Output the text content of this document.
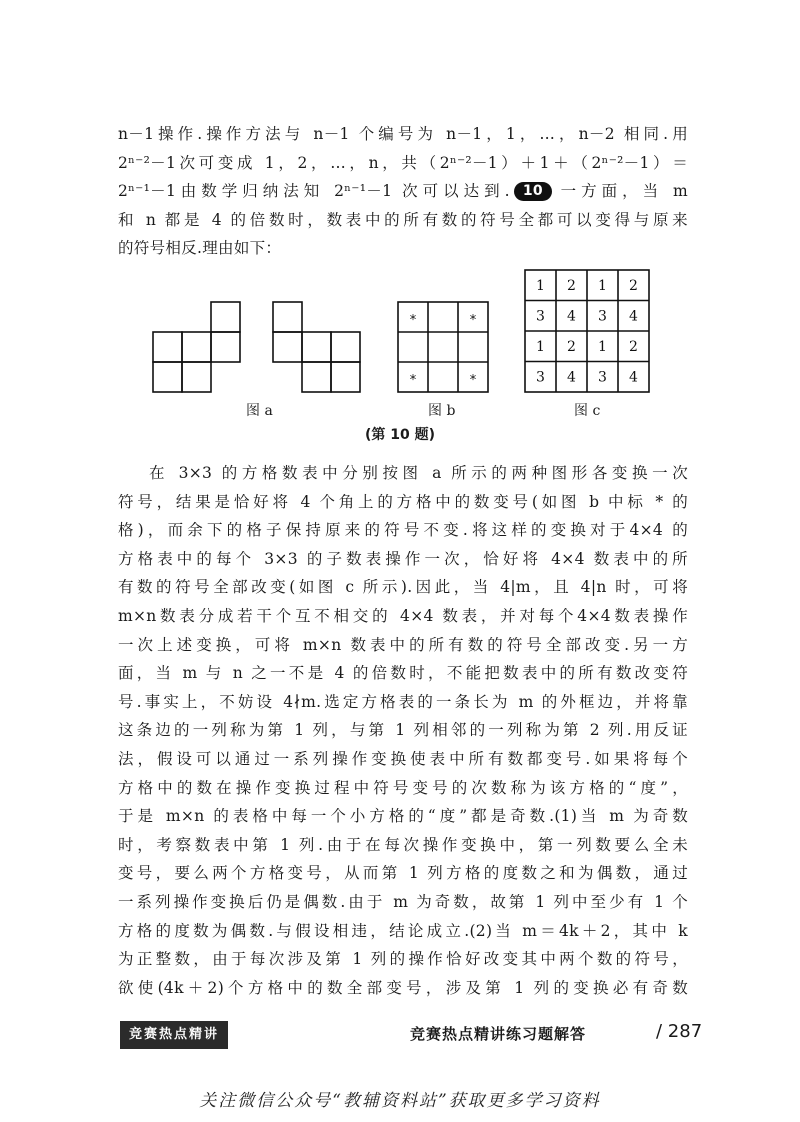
n－1操作.操作方法与 n－1 个编号为 n－1，1，…，n－2 相同.用
2ⁿ⁻²－1次可变成 1，2，…，n，共（2ⁿ⁻²－1）＋1＋（2ⁿ⁻²－1）＝
2ⁿ⁻¹－1由数学归纳法知 2ⁿ⁻¹－1 次可以达到. 10 一方面，当 m
和 n 都是 4 的倍数时，数表中的所有数的符号全都可以变得与原来
的符号相反.理由如下：
图 a
*	*
*	*
图 b
1 2 1 2
3 4 3 4
1 2 1 2
3 4 3 4
图 c
(第 10 题)
在 3×3 的方格数表中分别按图 a 所示的两种图形各变换一次
符号，结果是恰好将 4 个角上的方格中的数变号(如图 b 中标 * 的
格)，而余下的格子保持原来的符号不变.将这样的变换对于4×4 的
方格表中的每个 3×3 的子数表操作一次，恰好将 4×4 数表中的所
有数的符号全部改变(如图 c 所示).因此，当 4|m，且 4|n 时，可将
m×n数表分成若干个互不相交的 4×4 数表，并对每个4×4数表操作
一次上述变换，可将 m×n 数表中的所有数的符号全部改变.另一方
面，当 m 与 n 之一不是 4 的倍数时，不能把数表中的所有数改变符
号.事实上，不妨设 4∤m.选定方格表的一条长为 m 的外框边，并将靠
这条边的一列称为第 1 列，与第 1 列相邻的一列称为第 2 列.用反证
法，假设可以通过一系列操作变换使表中所有数都变号.如果将每个
方格中的数在操作变换过程中符号变号的次数称为该方格的“度”，
于是 m×n 的表格中每一个小方格的“度”都是奇数.(1)当 m 为奇数
时，考察数表中第 1 列.由于在每次操作变换中，第一列数要么全未
变号，要么两个方格变号，从而第 1 列方格的度数之和为偶数，通过
一系列操作变换后仍是偶数.由于 m 为奇数，故第 1 列中至少有 1 个
方格的度数为偶数.与假设相违，结论成立.(2)当 m＝4k＋2，其中 k
为正整数，由于每次涉及第 1 列的操作恰好改变其中两个数的符号，
欲使(4k＋2)个方格中的数全部变号，涉及第 1 列的变换必有奇数
竞赛热点精讲	竞赛热点精讲练习题解答	/ 287
关注微信公众号“教辅资料站”获取更多学习资料
